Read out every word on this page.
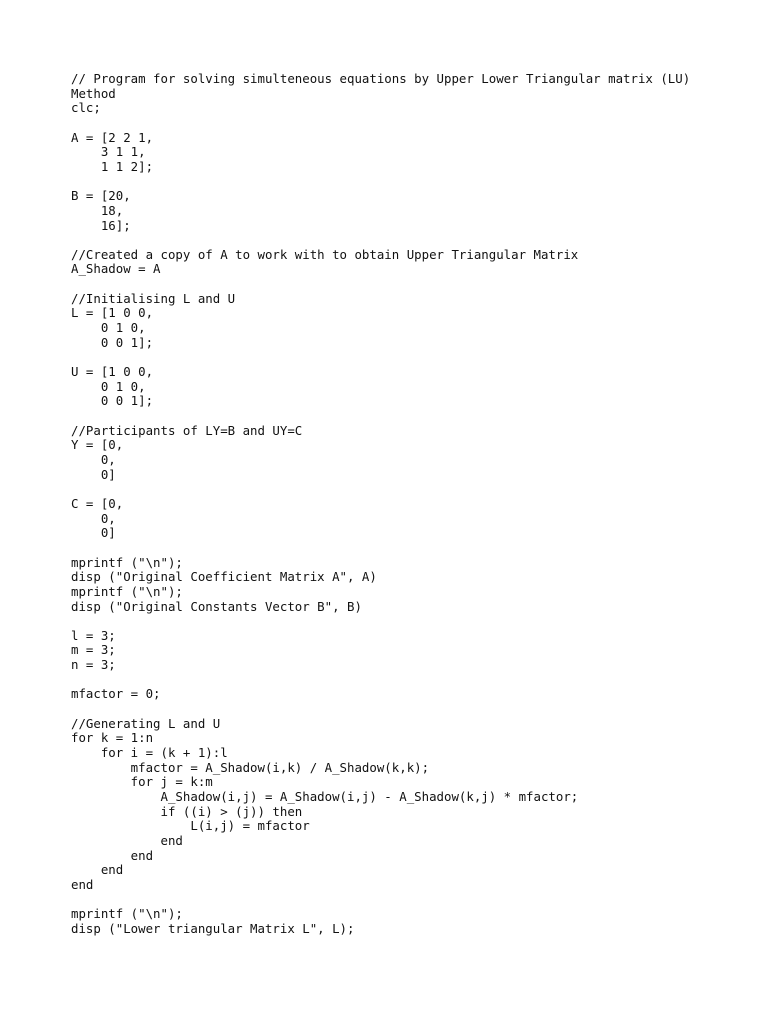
// Program for solving simulteneous equations by Upper Lower Triangular matrix (LU)
Method
clc;
A = [2 2 1,
3 1 1,
1 1 2];
B = [20,
18,
16];
//Created a copy of A to work with to obtain Upper Triangular Matrix
A_Shadow = A
//Initialising L and U
L = [1 0 0,
0 1 0,
0 0 1];
U = [1 0 0,
0 1 0,
0 0 1];
//Participants of LY=B and UY=C
Y = [0,
0,
0]
C = [0,
0,
0]
mprintf ("\n");
disp ("Original Coefficient Matrix A", A)
mprintf ("\n");
disp ("Original Constants Vector B", B)
l = 3;
m = 3;
n = 3;
mfactor = 0;
//Generating L and U
for k = 1:n
for i = (k + 1):l
mfactor = A_Shadow(i,k) / A_Shadow(k,k);
for j = k:m
A_Shadow(i,j) = A_Shadow(i,j) - A_Shadow(k,j) * mfactor;
if ((i) > (j)) then
L(i,j) = mfactor
end
end
end
end
mprintf ("\n");
disp ("Lower triangular Matrix L", L);
